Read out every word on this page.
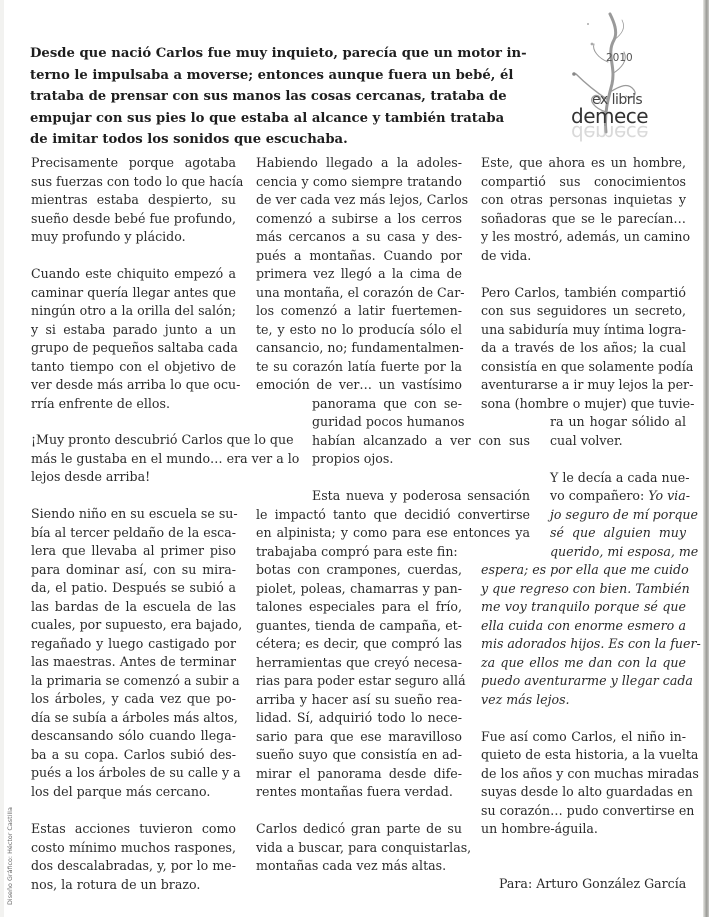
Desde que nació Carlos fue muy inquieto, parecía que un motor in-
terno le impulsaba a moverse; entonces aunque fuera un bebé, él
trataba de prensar con sus manos las cosas cercanas, trataba de
empujar con sus pies lo que estaba al alcance y también trataba
de imitar todos los sonidos que escuchaba.
2010
ex libris
demece
demece
Precisamente porque agotaba
sus fuerzas con todo lo que hacía
mientras estaba despierto, su
sueño desde bebé fue profundo,
muy profundo y plácido.
Cuando este chiquito empezó a
caminar quería llegar antes que
ningún otro a la orilla del salón;
y si estaba parado junto a un
grupo de pequeños saltaba cada
tanto tiempo con el objetivo de
ver desde más arriba lo que ocu-
rría enfrente de ellos.
¡Muy pronto descubrió Carlos que lo que
más le gustaba en el mundo… era ver a lo
lejos desde arriba!
Siendo niño en su escuela se su-
bía al tercer peldaño de la esca-
lera que llevaba al primer piso
para dominar así, con su mira-
da, el patio. Después se subió a
las bardas de la escuela de las
cuales, por supuesto, era bajado,
regañado y luego castigado por
las maestras. Antes de terminar
la primaria se comenzó a subir a
los árboles, y cada vez que po-
día se subía a árboles más altos,
descansando sólo cuando llega-
ba a su copa. Carlos subió des-
pués a los árboles de su calle y a
los del parque más cercano.
Estas acciones tuvieron como
costo mínimo muchos raspones,
dos descalabradas, y, por lo me-
nos, la rotura de un brazo.
Habiendo llegado a la adoles-
cencia y como siempre tratando
de ver cada vez más lejos, Carlos
comenzó a subirse a los cerros
más cercanos a su casa y des-
pués a montañas. Cuando por
primera vez llegó a la cima de
una montaña, el corazón de Car-
los comenzó a latir fuertemen-
te, y esto no lo producía sólo el
cansancio, no; fundamentalmen-
te su corazón latía fuerte por la
emoción de ver… un vastísimo
panorama que con se-
guridad pocos humanos
habían alcanzado a ver con sus
propios ojos.
Esta nueva y poderosa sensación
le impactó tanto que decidió convertirse
en alpinista; y como para ese entonces ya
trabajaba compró para este fin:
botas con crampones, cuerdas,
piolet, poleas, chamarras y pan-
talones especiales para el frío,
guantes, tienda de campaña, et-
cétera; es decir, que compró las
herramientas que creyó necesa-
rias para poder estar seguro allá
arriba y hacer así su sueño rea-
lidad. Sí, adquirió todo lo nece-
sario para que ese maravilloso
sueño suyo que consistía en ad-
mirar el panorama desde dife-
rentes montañas fuera verdad.
Carlos dedicó gran parte de su
vida a buscar, para conquistarlas,
montañas cada vez más altas.
Este, que ahora es un hombre,
compartió sus conocimientos
con otras personas inquietas y
soñadoras que se le parecían…
y les mostró, además, un camino
de vida.
Pero Carlos, también compartió
con sus seguidores un secreto,
una sabiduría muy íntima logra-
da a través de los años; la cual
consistía en que solamente podía
aventurarse a ir muy lejos la per-
sona (hombre o mujer) que tuvie-
ra un hogar sólido al
cual volver.
Y le decía a cada nue-
vo compañero: Yo via-
jo seguro de mí porque
sé que alguien muy
querido, mi esposa, me
espera; es por ella que me cuido
y que regreso con bien. También
me voy tranquilo porque sé que
ella cuida con enorme esmero a
mis adorados hijos. Es con la fuer-
za que ellos me dan con la que
puedo aventurarme y llegar cada
vez más lejos.
Fue así como Carlos, el niño in-
quieto de esta historia, a la vuelta
de los años y con muchas miradas
suyas desde lo alto guardadas en
su corazón… pudo convertirse en
un hombre-águila.
Para: Arturo González García
Diseño Gráfico: Héctor Castilla
